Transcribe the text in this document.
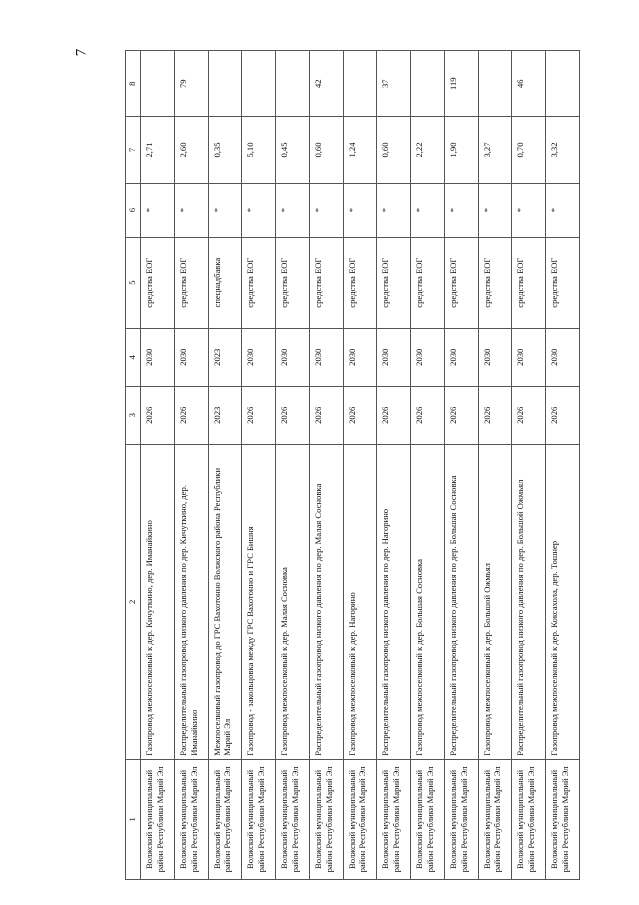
7
1	2	3	4	5	6	7	8
Волжский муниципальный район Республики Марий Эл	Газопровод межпоселковый к дер. Кичуткино, дер. Иманайкино	2026	2030	средства ЕОГ	*	2,71	
Волжский муниципальный район Республики Марий Эл	Распределительный газопровод низкого давления по дер. Кичуткино, дер. Иманайкино	2026	2030	средства ЕОГ	*	2,60	79
Волжский муниципальный район Республики Марий Эл	Межпоселковый газопровод до ГРС Вахотонно Волжского района Республики Марий Эл	2023	2023	спецнадбавка	*	0,35	
Волжский муниципальный район Республики Марий Эл	Газопровод - закольцовка между ГРС Вахотонно и ГРС Бишня	2026	2030	средства ЕОГ	*	5,10	
Волжский муниципальный район Республики Марий Эл	Газопровод межпоселковый к дер. Малая Сосновка	2026	2030	средства ЕОГ	*	0,45	
Волжский муниципальный район Республики Марий Эл	Распределительный газопровод низкого давления по дер. Малая Сосновка	2026	2030	средства ЕОГ	*	0,60	42
Волжский муниципальный район Республики Марий Эл	Газопровод межпоселковый к дер. Нагорино	2026	2030	средства ЕОГ	*	1,24	
Волжский муниципальный район Республики Марий Эл	Распределительный газопровод низкого давления по дер. Нагорино	2026	2030	средства ЕОГ	*	0,60	37
Волжский муниципальный район Республики Марий Эл	Газопровод межпоселковый к дер. Большая Сосновка	2026	2030	средства ЕОГ	*	2,22	
Волжский муниципальный район Республики Марий Эл	Распределительный газопровод низкого давления по дер. Большая Сосновка	2026	2030	средства ЕОГ	*	1,90	119
Волжский муниципальный район Республики Марий Эл	Газопровод межпоселковый к дер. Большой Ожмьял	2026	2030	средства ЕОГ	*	3,27	
Волжский муниципальный район Республики Марий Эл	Распределительный газопровод низкого давления по дер. Большой Ожмьял	2026	2030	средства ЕОГ	*	0,70	46
Волжский муниципальный район Республики Марий Эл	Газопровод межпоселковый к дер. Коксахола, дер. Тошнер	2026	2030	средства ЕОГ	*	3,32	
